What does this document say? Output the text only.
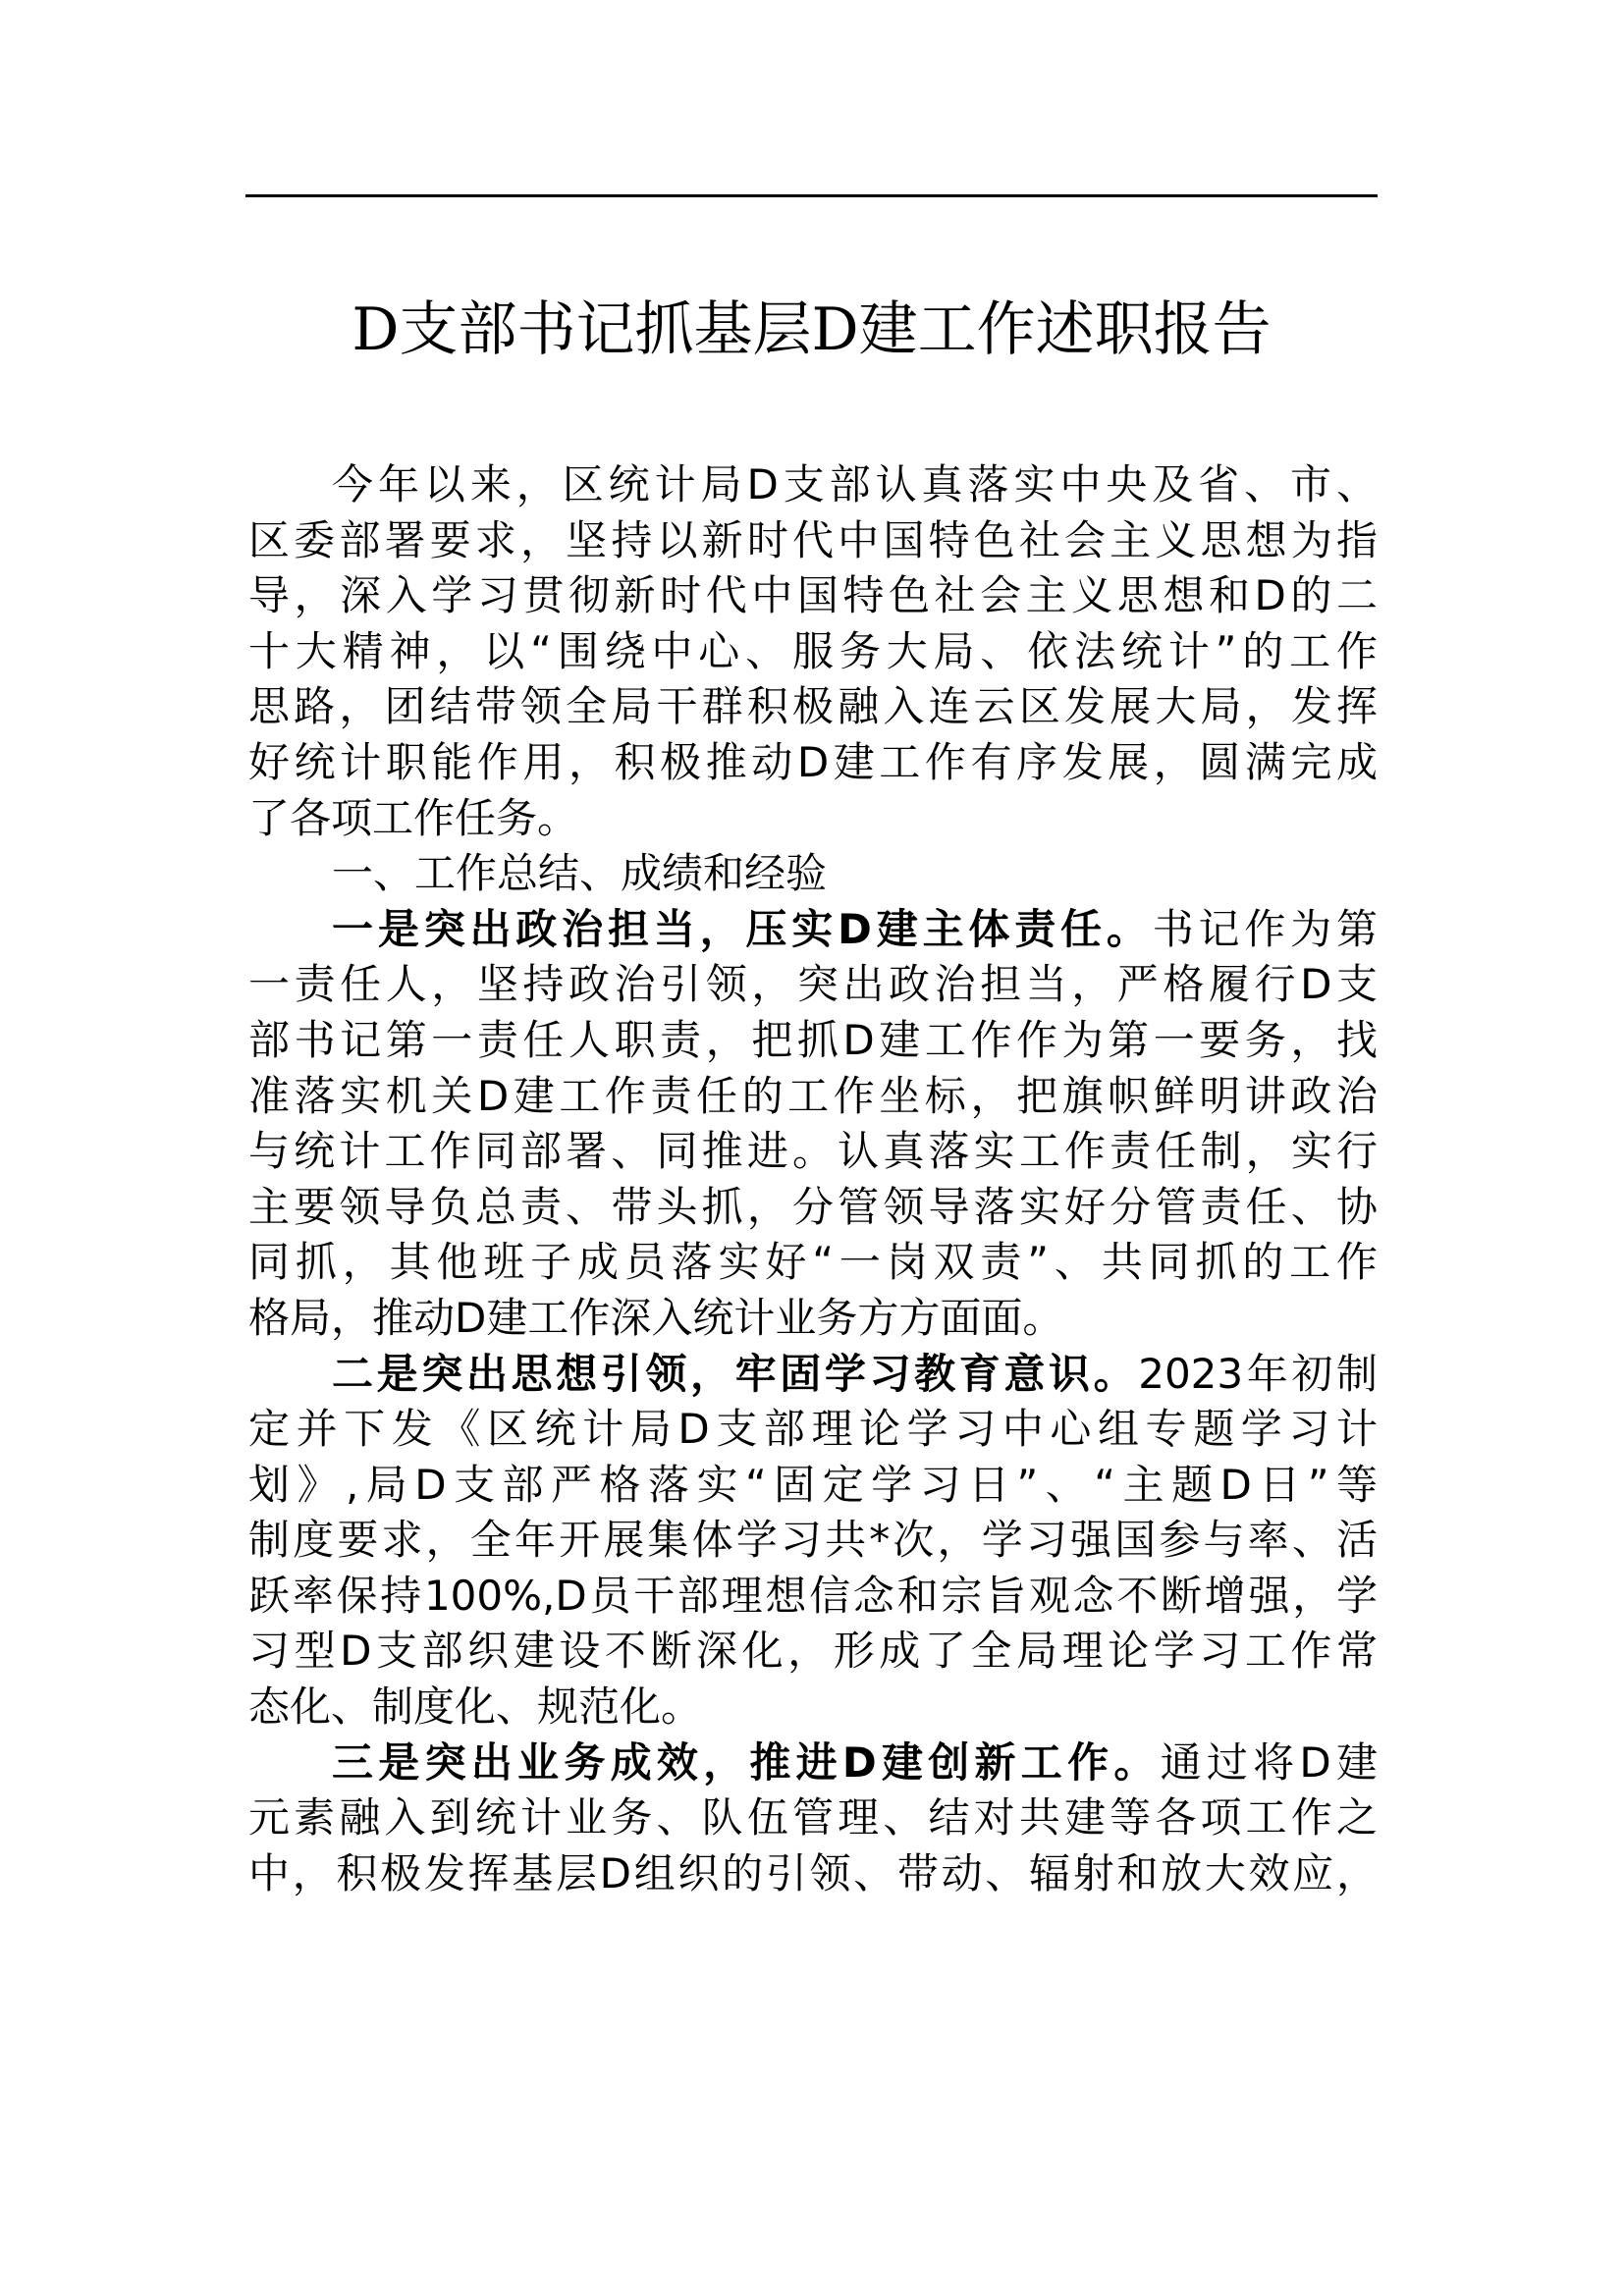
D支部书记抓基层D建工作述职报告
今年以来，区统计局D支部认真落实中央及省、市、
区委部署要求，坚持以新时代中国特色社会主义思想为指
导，深入学习贯彻新时代中国特色社会主义思想和D的二
十大精神，以“围绕中心、服务大局、依法统计”的工作
思路，团结带领全局干群积极融入连云区发展大局，发挥
好统计职能作用，积极推动D建工作有序发展，圆满完成
了各项工作任务。
一、工作总结、成绩和经验
一是突出政治担当，压实D建主体责任。书记作为第
一责任人，坚持政治引领，突出政治担当，严格履行D支
部书记第一责任人职责，把抓D建工作作为第一要务，找
准落实机关D建工作责任的工作坐标，把旗帜鲜明讲政治
与统计工作同部署、同推进。认真落实工作责任制，实行
主要领导负总责、带头抓，分管领导落实好分管责任、协
同抓，其他班子成员落实好“一岗双责”、共同抓的工作
格局，推动D建工作深入统计业务方方面面。
二是突出思想引领，牢固学习教育意识。2023年初制
定并下发《区统计局D支部理论学习中心组专题学习计
划》,局D支部严格落实“固定学习日”、“主题D日”等
制度要求，全年开展集体学习共*次，学习强国参与率、活
跃率保持100%,D员干部理想信念和宗旨观念不断增强，学
习型D支部织建设不断深化，形成了全局理论学习工作常
态化、制度化、规范化。
三是突出业务成效，推进D建创新工作。通过将D建
元素融入到统计业务、队伍管理、结对共建等各项工作之
中，积极发挥基层D组织的引领、带动、辐射和放大效应，
